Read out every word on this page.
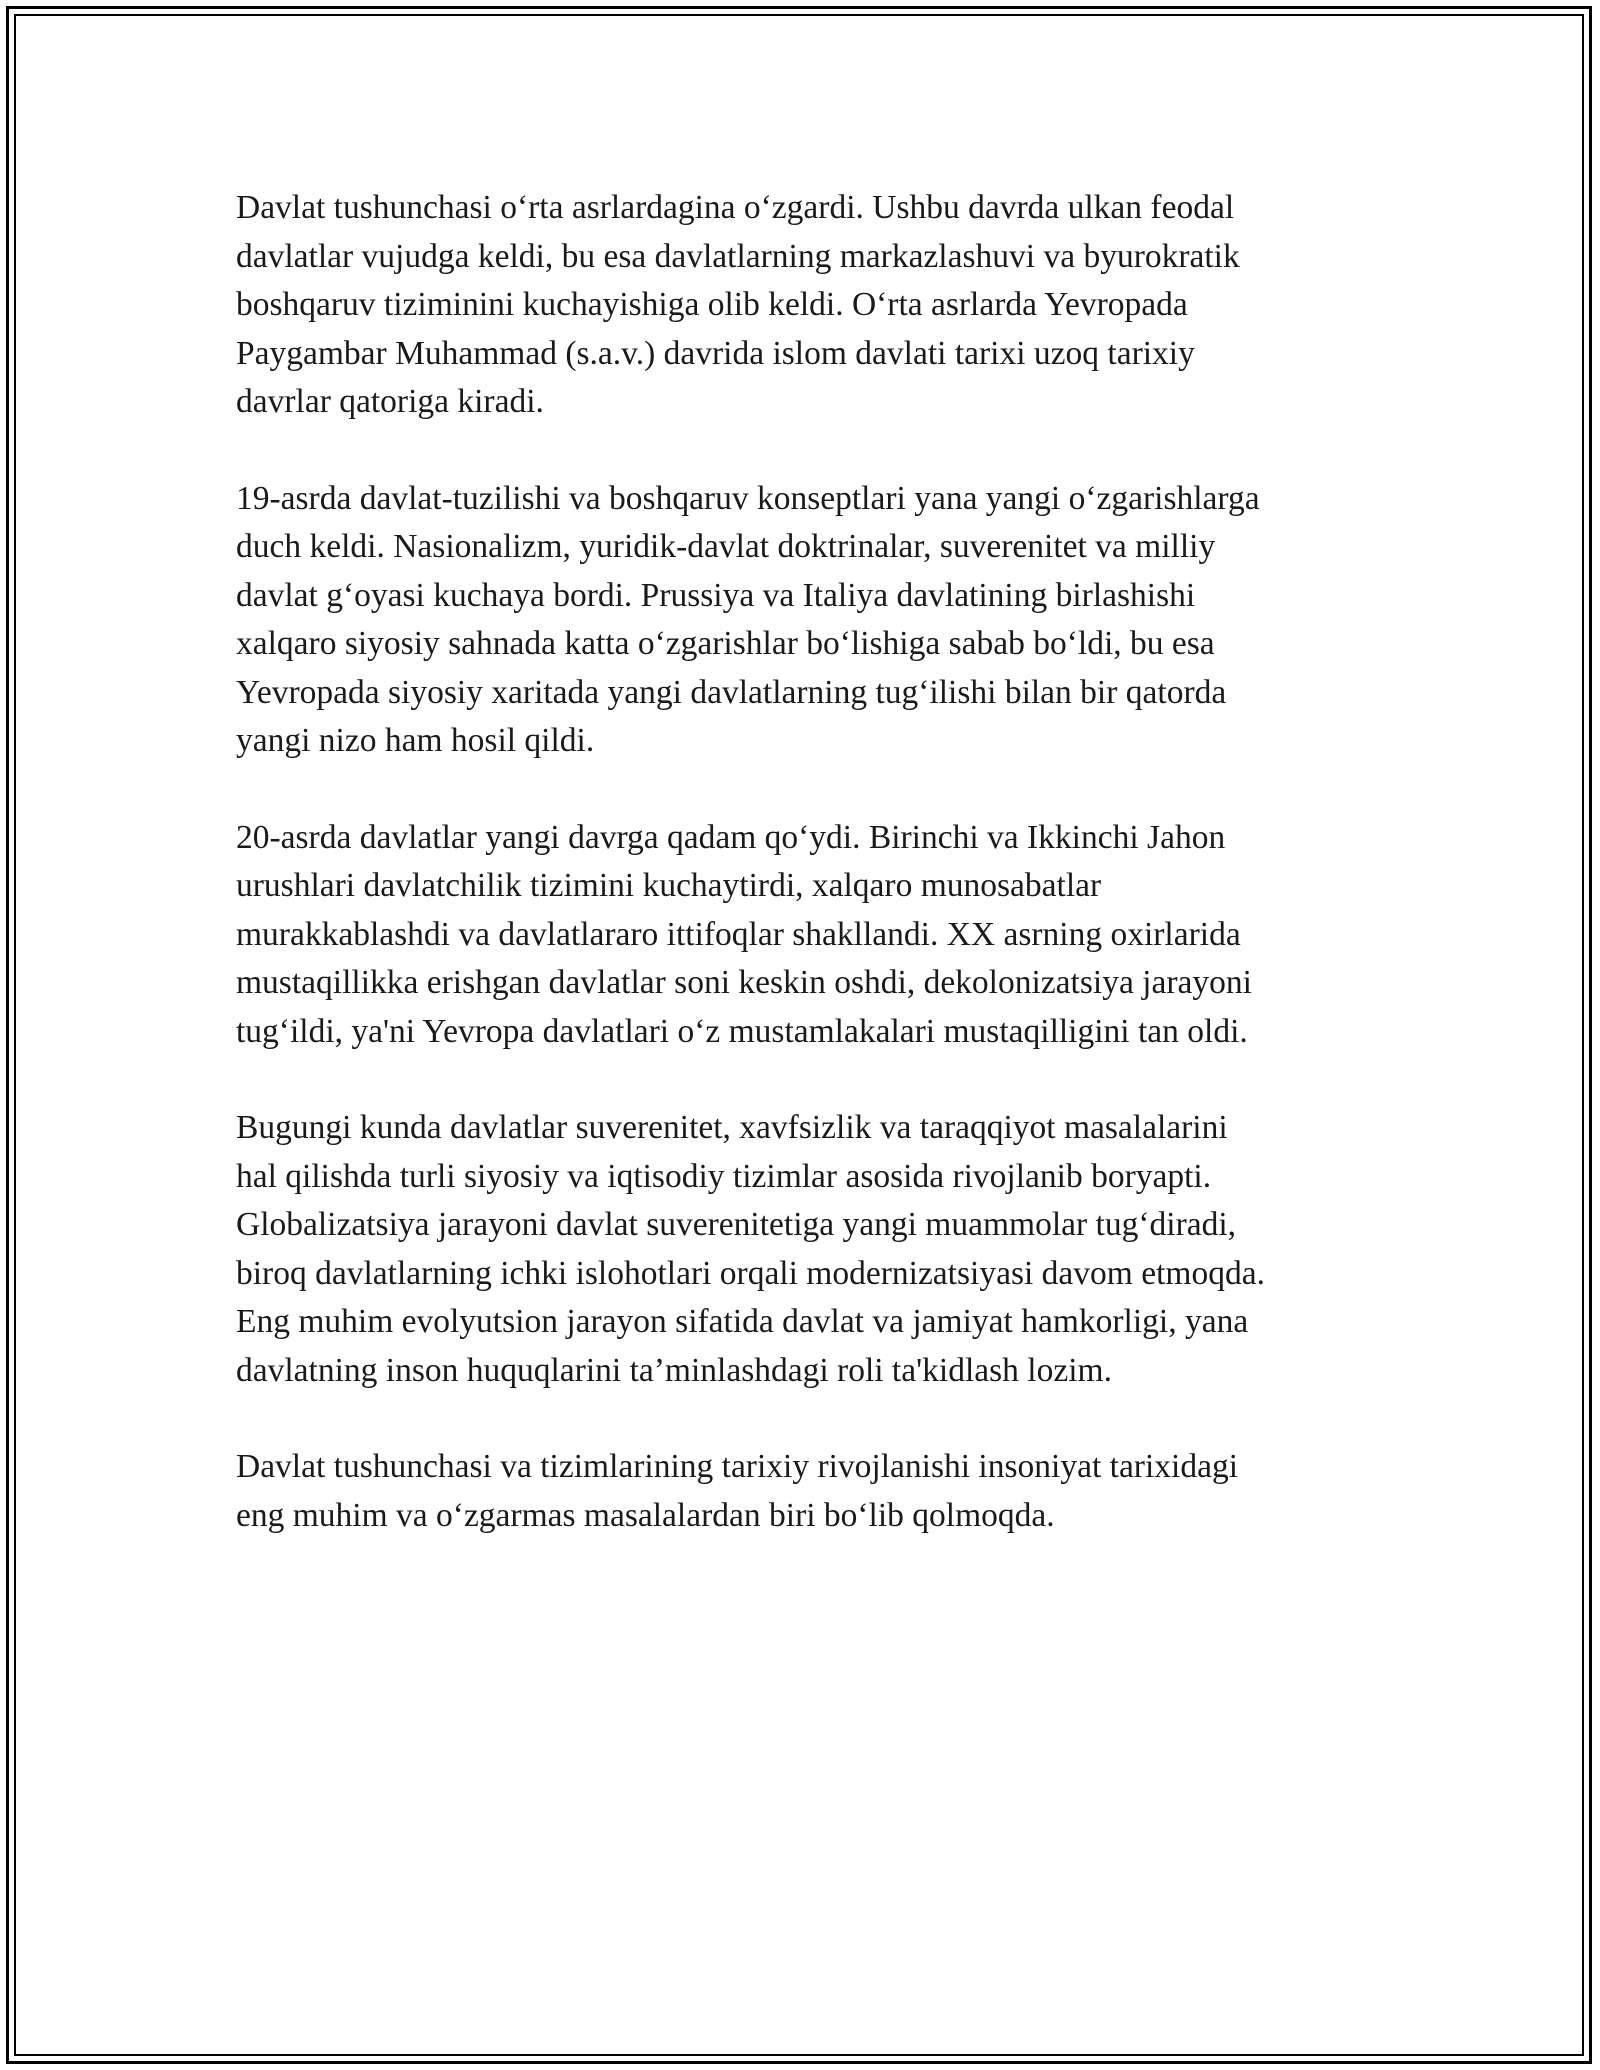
Davlat tushunchasi o‘rta asrlardagina o‘zgardi. Ushbu davrda ulkan feodal
davlatlar vujudga keldi, bu esa davlatlarning markazlashuvi va byurokratik
boshqaruv tiziminini kuchayishiga olib keldi. O‘rta asrlarda Yevropada
Paygambar Muhammad (s.a.v.) davrida islom davlati tarixi uzoq tarixiy
davrlar qatoriga kiradi.

19-asrda davlat-tuzilishi va boshqaruv konseptlari yana yangi o‘zgarishlarga
duch keldi. Nasionalizm, yuridik-davlat doktrinalar, suverenitet va milliy
davlat g‘oyasi kuchaya bordi. Prussiya va Italiya davlatining birlashishi
xalqaro siyosiy sahnada katta o‘zgarishlar bo‘lishiga sabab bo‘ldi, bu esa
Yevropada siyosiy xaritada yangi davlatlarning tug‘ilishi bilan bir qatorda
yangi nizo ham hosil qildi.

20-asrda davlatlar yangi davrga qadam qo‘ydi. Birinchi va Ikkinchi Jahon
urushlari davlatchilik tizimini kuchaytirdi, xalqaro munosabatlar
murakkablashdi va davlatlararo ittifoqlar shakllandi. XX asrning oxirlarida
mustaqillikka erishgan davlatlar soni keskin oshdi, dekolonizatsiya jarayoni
tug‘ildi, ya'ni Yevropa davlatlari o‘z mustamlakalari mustaqilligini tan oldi.

Bugungi kunda davlatlar suverenitet, xavfsizlik va taraqqiyot masalalarini
hal qilishda turli siyosiy va iqtisodiy tizimlar asosida rivojlanib boryapti.
Globalizatsiya jarayoni davlat suverenitetiga yangi muammolar tug‘diradi,
biroq davlatlarning ichki islohotlari orqali modernizatsiyasi davom etmoqda.
Eng muhim evolyutsion jarayon sifatida davlat va jamiyat hamkorligi, yana
davlatning inson huquqlarini ta’minlashdagi roli ta'kidlash lozim.

Davlat tushunchasi va tizimlarining tarixiy rivojlanishi insoniyat tarixidagi
eng muhim va o‘zgarmas masalalardan biri bo‘lib qolmoqda.
